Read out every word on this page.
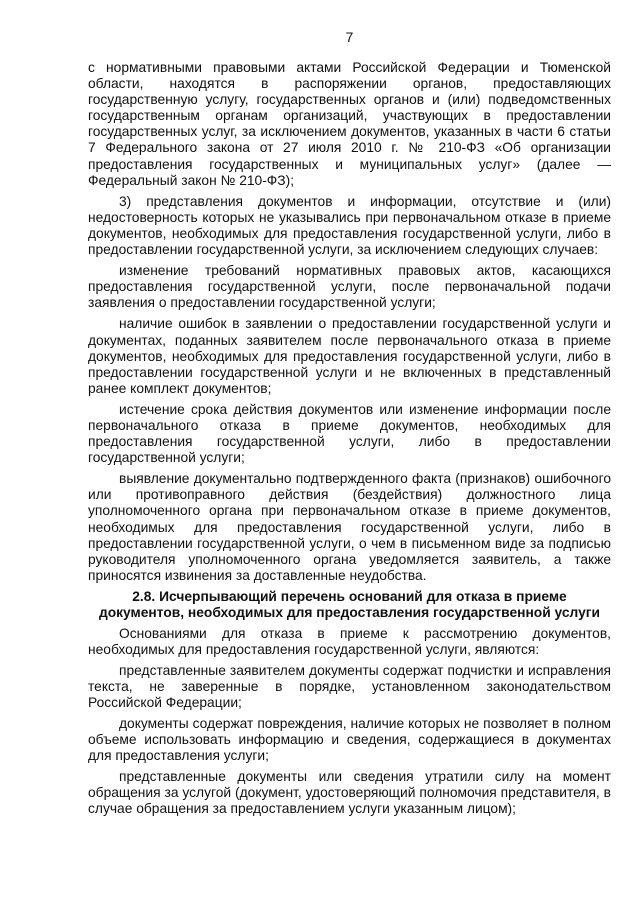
7

с нормативными правовыми актами Российской Федерации и Тюменской области, находятся в распоряжении органов, предоставляющих государственную услугу, государственных органов и (или) подведомственных государственным органам организаций, участвующих в предоставлении государственных услуг, за исключением документов, указанных в части 6 статьи 7 Федерального закона от 27 июля 2010 г. № 210-ФЗ «Об организации предоставления государственных и муниципальных услуг» (далее — Федеральный закон № 210-ФЗ);

3) представления документов и информации, отсутствие и (или) недостоверность которых не указывались при первоначальном отказе в приеме документов, необходимых для предоставления государственной услуги, либо в предоставлении государственной услуги, за исключением следующих случаев:

изменение требований нормативных правовых актов, касающихся предоставления государственной услуги, после первоначальной подачи заявления о предоставлении государственной услуги;

наличие ошибок в заявлении о предоставлении государственной услуги и документах, поданных заявителем после первоначального отказа в приеме документов, необходимых для предоставления государственной услуги, либо в предоставлении государственной услуги и не включенных в представленный ранее комплект документов;

истечение срока действия документов или изменение информации после первоначального отказа в приеме документов, необходимых для предоставления государственной услуги, либо в предоставлении государственной услуги;

выявление документально подтвержденного факта (признаков) ошибочного или противоправного действия (бездействия) должностного лица уполномоченного органа при первоначальном отказе в приеме документов, необходимых для предоставления государственной услуги, либо в предоставлении государственной услуги, о чем в письменном виде за подписью руководителя уполномоченного органа уведомляется заявитель, а также приносятся извинения за доставленные неудобства.

2.8. Исчерпывающий перечень оснований для отказа в приеме документов, необходимых для предоставления государственной услуги

Основаниями для отказа в приеме к рассмотрению документов, необходимых для предоставления государственной услуги, являются:

представленные заявителем документы содержат подчистки и исправления текста, не заверенные в порядке, установленном законодательством Российской Федерации;

документы содержат повреждения, наличие которых не позволяет в полном объеме использовать информацию и сведения, содержащиеся в документах для предоставления услуги;

представленные документы или сведения утратили силу на момент обращения за услугой (документ, удостоверяющий полномочия представителя, в случае обращения за предоставлением услуги указанным лицом);
